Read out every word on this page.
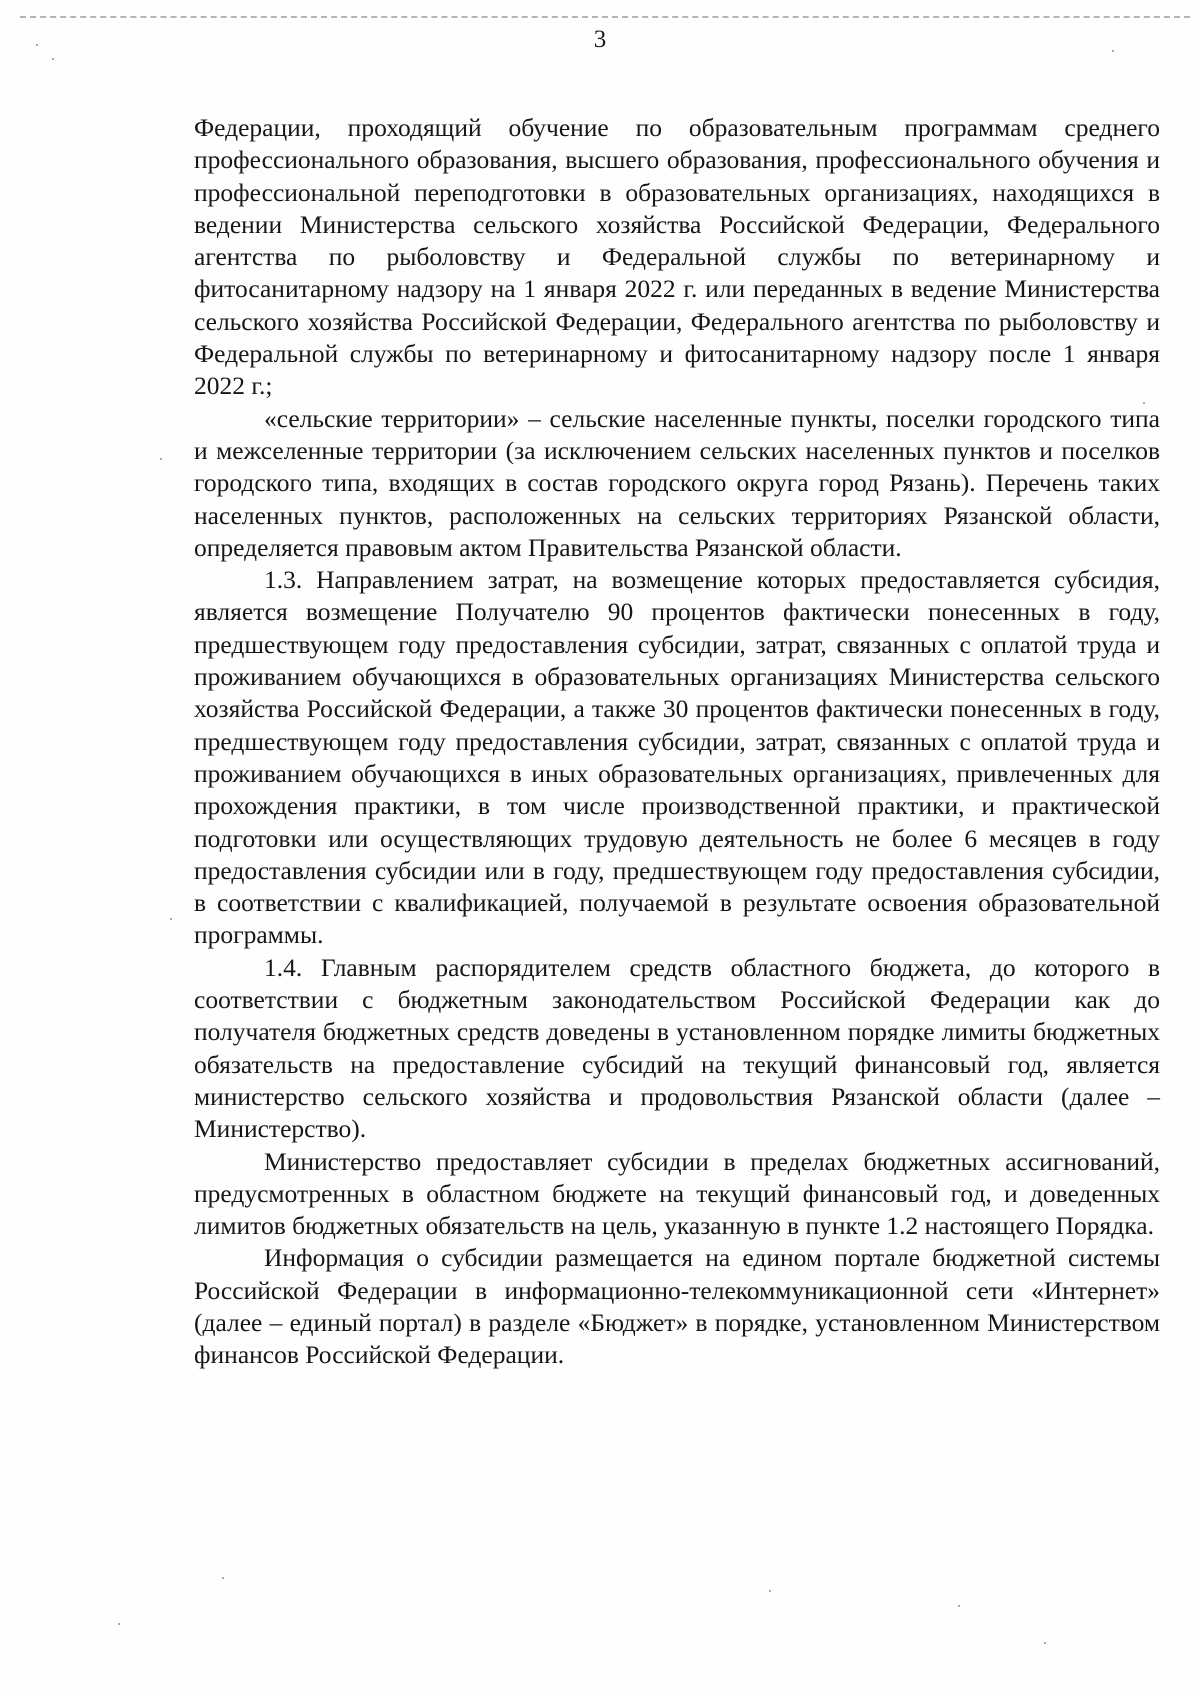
3

Федерации, проходящий обучение по образовательным программам среднего профессионального образования, высшего образования, профессионального обучения и профессиональной переподготовки в образовательных организациях, находящихся в ведении Министерства сельского хозяйства Российской Федерации, Федерального агентства по рыболовству и Федеральной службы по ветеринарному и фитосанитарному надзору на 1 января 2022 г. или переданных в ведение Министерства сельского хозяйства Российской Федерации, Федерального агентства по рыболовству и Федеральной службы по ветеринарному и фитосанитарному надзору после 1 января 2022 г.;

«сельские территории» – сельские населенные пункты, поселки городского типа и межселенные территории (за исключением сельских населенных пунктов и поселков городского типа, входящих в состав городского округа город Рязань). Перечень таких населенных пунктов, расположенных на сельских территориях Рязанской области, определяется правовым актом Правительства Рязанской области.

1.3. Направлением затрат, на возмещение которых предоставляется субсидия, является возмещение Получателю 90 процентов фактически понесенных в году, предшествующем году предоставления субсидии, затрат, связанных с оплатой труда и проживанием обучающихся в образовательных организациях Министерства сельского хозяйства Российской Федерации, а также 30 процентов фактически понесенных в году, предшествующем году предоставления субсидии, затрат, связанных с оплатой труда и проживанием обучающихся в иных образовательных организациях, привлеченных для прохождения практики, в том числе производственной практики, и практической подготовки или осуществляющих трудовую деятельность не более 6 месяцев в году предоставления субсидии или в году, предшествующем году предоставления субсидии, в соответствии с квалификацией, получаемой в результате освоения образовательной программы.

1.4. Главным распорядителем средств областного бюджета, до которого в соответствии с бюджетным законодательством Российской Федерации как до получателя бюджетных средств доведены в установленном порядке лимиты бюджетных обязательств на предоставление субсидий на текущий финансовый год, является министерство сельского хозяйства и продовольствия Рязанской области (далее – Министерство).

Министерство предоставляет субсидии в пределах бюджетных ассигнований, предусмотренных в областном бюджете на текущий финансовый год, и доведенных лимитов бюджетных обязательств на цель, указанную в пункте 1.2 настоящего Порядка.

Информация о субсидии размещается на едином портале бюджетной системы Российской Федерации в информационно-телекоммуникационной сети «Интернет» (далее – единый портал) в разделе «Бюджет» в порядке, установленном Министерством финансов Российской Федерации.
